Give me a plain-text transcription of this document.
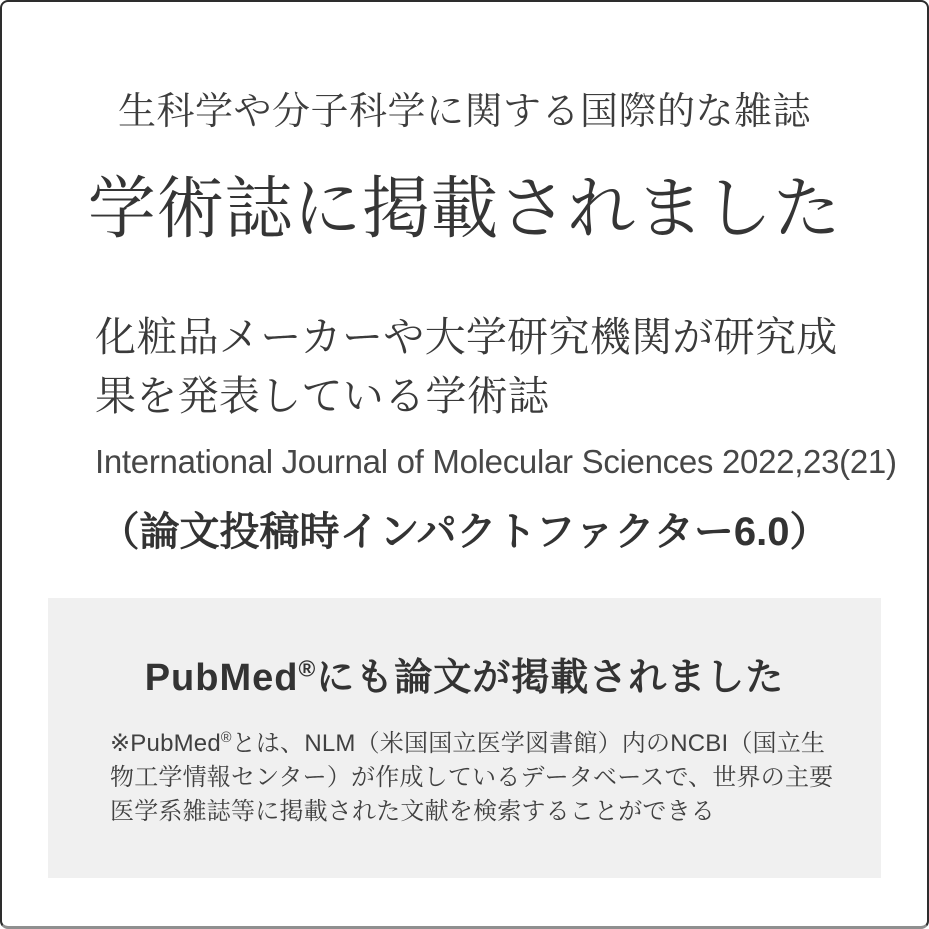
生科学や分子科学に関する国際的な雑誌
学術誌に掲載されました
化粧品メーカーや大学研究機関が研究成
果を発表している学術誌
International Journal of Molecular Sciences 2022,23(21)
（論文投稿時インパクトファクター6.0）
PubMed®にも論文が掲載されました
※PubMed®とは、NLM（米国国立医学図書館）内のNCBI（国立生
物工学情報センター）が作成しているデータベースで、世界の主要
医学系雑誌等に掲載された文献を検索することができる
